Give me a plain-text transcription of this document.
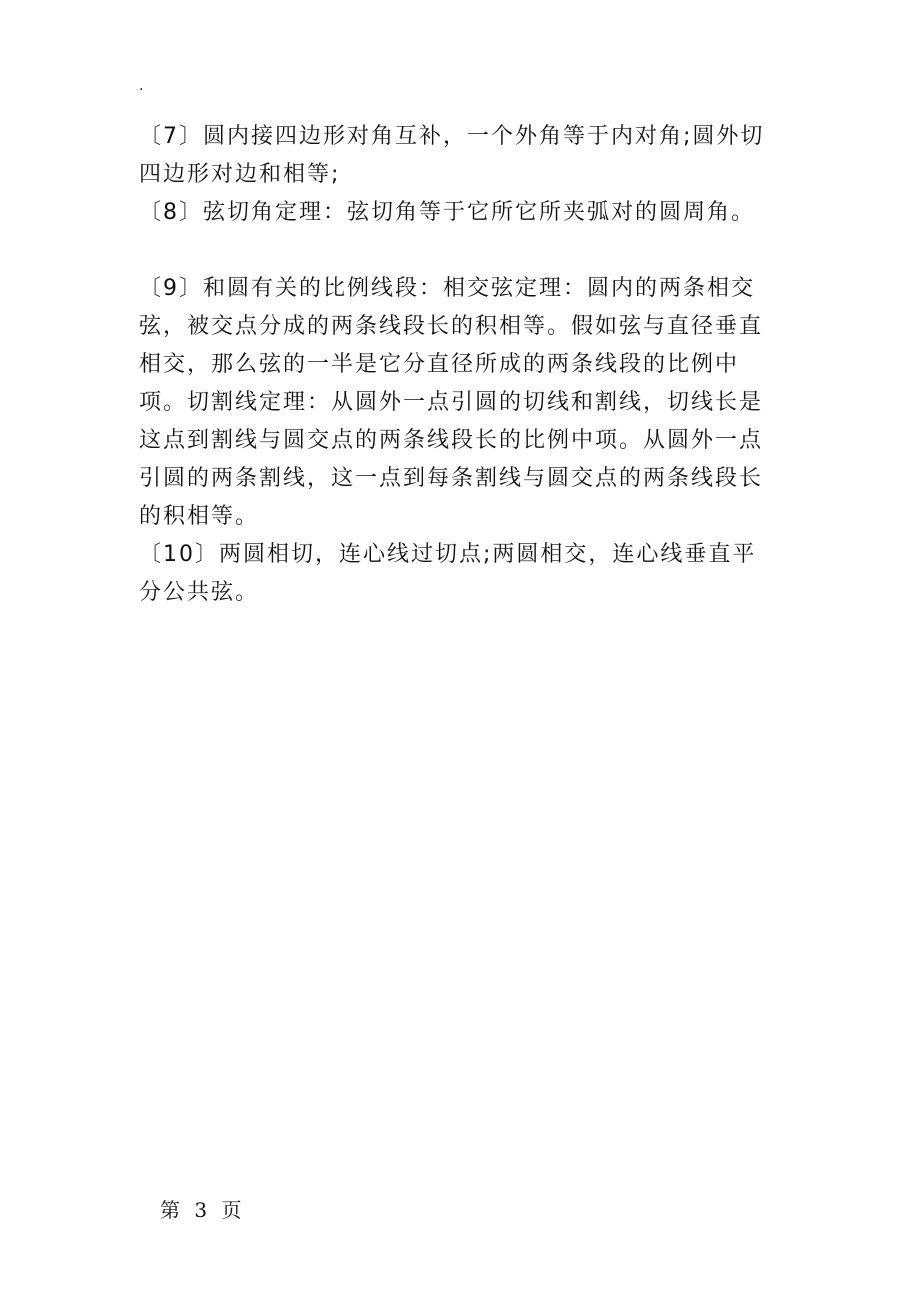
.

〔7〕圆内接四边形对角互补，一个外角等于内对角;圆外切四边形对边和相等;

〔8〕弦切角定理：弦切角等于它所它所夹弧对的圆周角。

〔9〕和圆有关的比例线段：相交弦定理：圆内的两条相交弦，被交点分成的两条线段长的积相等。假如弦与直径垂直相交，那么弦的一半是它分直径所成的两条线段的比例中项。切割线定理：从圆外一点引圆的切线和割线，切线长是这点到割线与圆交点的两条线段长的比例中项。从圆外一点引圆的两条割线，这一点到每条割线与圆交点的两条线段长的积相等。

〔10〕两圆相切，连心线过切点;两圆相交，连心线垂直平分公共弦。

第 3 页
